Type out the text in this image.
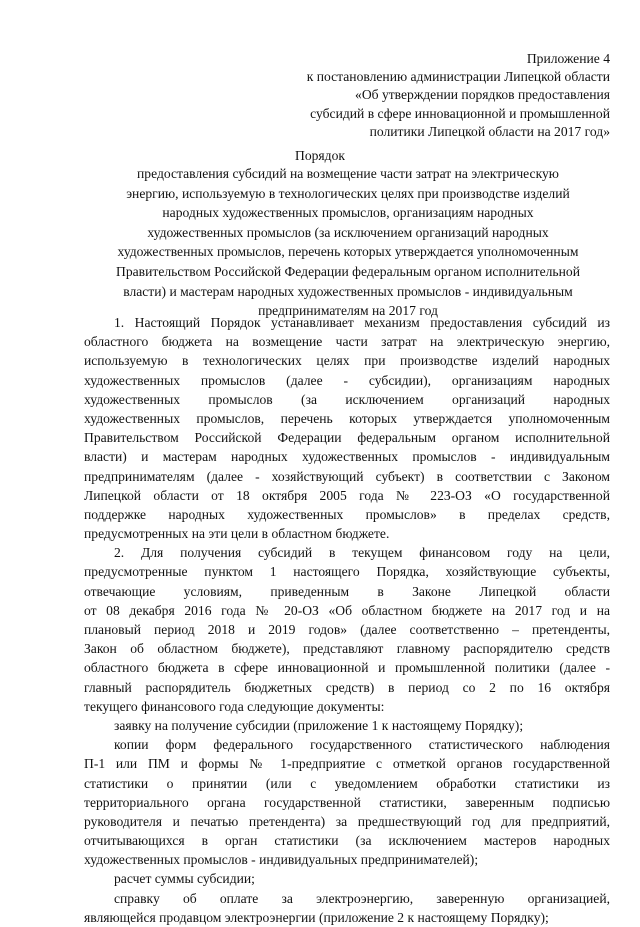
Приложение 4
к постановлению администрации Липецкой области
«Об утверждении порядков предоставления
субсидий в сфере инновационной и промышленной
политики Липецкой области на 2017 год»
Порядок
предоставления субсидий на возмещение части затрат на электрическую
энергию, используемую в технологических целях при производстве изделий
народных художественных промыслов, организациям народных
художественных промыслов (за исключением организаций народных
художественных промыслов, перечень которых утверждается уполномоченным
Правительством Российской Федерации федеральным органом исполнительной
власти) и мастерам народных художественных промыслов - индивидуальным
предпринимателям на 2017 год
1. Настоящий Порядок устанавливает механизм предоставления субсидий из
областного бюджета на возмещение части затрат на электрическую энергию,
используемую в технологических целях при производстве изделий народных
художественных промыслов (далее - субсидии), организациям народных
художественных промыслов (за исключением организаций народных
художественных промыслов, перечень которых утверждается уполномоченным
Правительством Российской Федерации федеральным органом исполнительной
власти) и мастерам народных художественных промыслов - индивидуальным
предпринимателям (далее - хозяйствующий субъект) в соответствии с Законом
Липецкой области от 18 октября 2005 года № 223-ОЗ «О государственной
поддержке народных художественных промыслов» в пределах средств,
предусмотренных на эти цели в областном бюджете.
2. Для получения субсидий в текущем финансовом году на цели,
предусмотренные пунктом 1 настоящего Порядка, хозяйствующие субъекты,
отвечающие условиям, приведенным в Законе Липецкой области
от 08 декабря 2016 года № 20-ОЗ «Об областном бюджете на 2017 год и на
плановый период 2018 и 2019 годов» (далее соответственно – претенденты,
Закон об областном бюджете), представляют главному распорядителю средств
областного бюджета в сфере инновационной и промышленной политики (далее -
главный распорядитель бюджетных средств) в период со 2 по 16 октября
текущего финансового года следующие документы:
заявку на получение субсидии (приложение 1 к настоящему Порядку);
копии форм федерального государственного статистического наблюдения
П-1 или ПМ и формы № 1-предприятие с отметкой органов государственной
статистики о принятии (или с уведомлением обработки статистики из
территориального органа государственной статистики, заверенным подписью
руководителя и печатью претендента) за предшествующий год для предприятий,
отчитывающихся в орган статистики (за исключением мастеров народных
художественных промыслов - индивидуальных предпринимателей);
расчет суммы субсидии;
справку об оплате за электроэнергию, заверенную организацией,
являющейся продавцом электроэнергии (приложение 2 к настоящему Порядку);
